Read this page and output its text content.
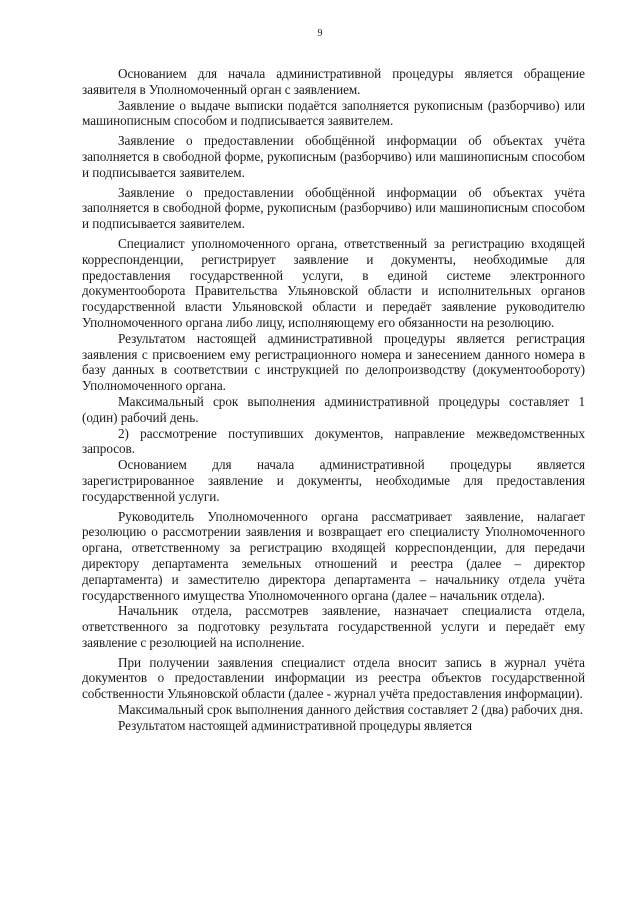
9

Основанием для начала административной процедуры является обращение заявителя в Уполномоченный орган с заявлением.

Заявление о выдаче выписки подаётся заполняется рукописным (разборчиво) или машинописным способом и подписывается заявителем.

Заявление о предоставлении обобщённой информации об объектах учёта заполняется в свободной форме, рукописным (разборчиво) или машинописным способом и подписывается заявителем.

Заявление о предоставлении обобщённой информации об объектах учёта заполняется в свободной форме, рукописным (разборчиво) или машинописным способом и подписывается заявителем.

Специалист уполномоченного органа, ответственный за регистрацию входящей корреспонденции, регистрирует заявление и документы, необходимые для предоставления государственной услуги, в единой системе электронного документооборота Правительства Ульяновской области и исполнительных органов государственной власти Ульяновской области и передаёт заявление руководителю Уполномоченного органа либо лицу, исполняющему его обязанности на резолюцию.

Результатом настоящей административной процедуры является регистрация заявления с присвоением ему регистрационного номера и занесением данного номера в базу данных в соответствии с инструкцией по делопроизводству (документообороту) Уполномоченного органа.

Максимальный срок выполнения административной процедуры составляет 1 (один) рабочий день.

2) рассмотрение поступивших документов, направление межведомственных запросов.

Основанием для начала административной процедуры является зарегистрированное заявление и документы, необходимые для предоставления государственной услуги.

Руководитель Уполномоченного органа рассматривает заявление, налагает резолюцию о рассмотрении заявления и возвращает его специалисту Уполномоченного органа, ответственному за регистрацию входящей корреспонденции, для передачи директору департамента земельных отношений и реестра (далее – директор департамента) и заместителю директора департамента – начальнику отдела учёта государственного имущества Уполномоченного органа (далее – начальник отдела).

Начальник отдела, рассмотрев заявление, назначает специалиста отдела, ответственного за подготовку результата государственной услуги и передаёт ему заявление с резолюцией на исполнение.

При получении заявления специалист отдела вносит запись в журнал учёта документов о предоставлении информации из реестра объектов государственной собственности Ульяновской области (далее - журнал учёта предоставления информации).

Максимальный срок выполнения данного действия составляет 2 (два) рабочих дня.

Результатом настоящей административной процедуры является
